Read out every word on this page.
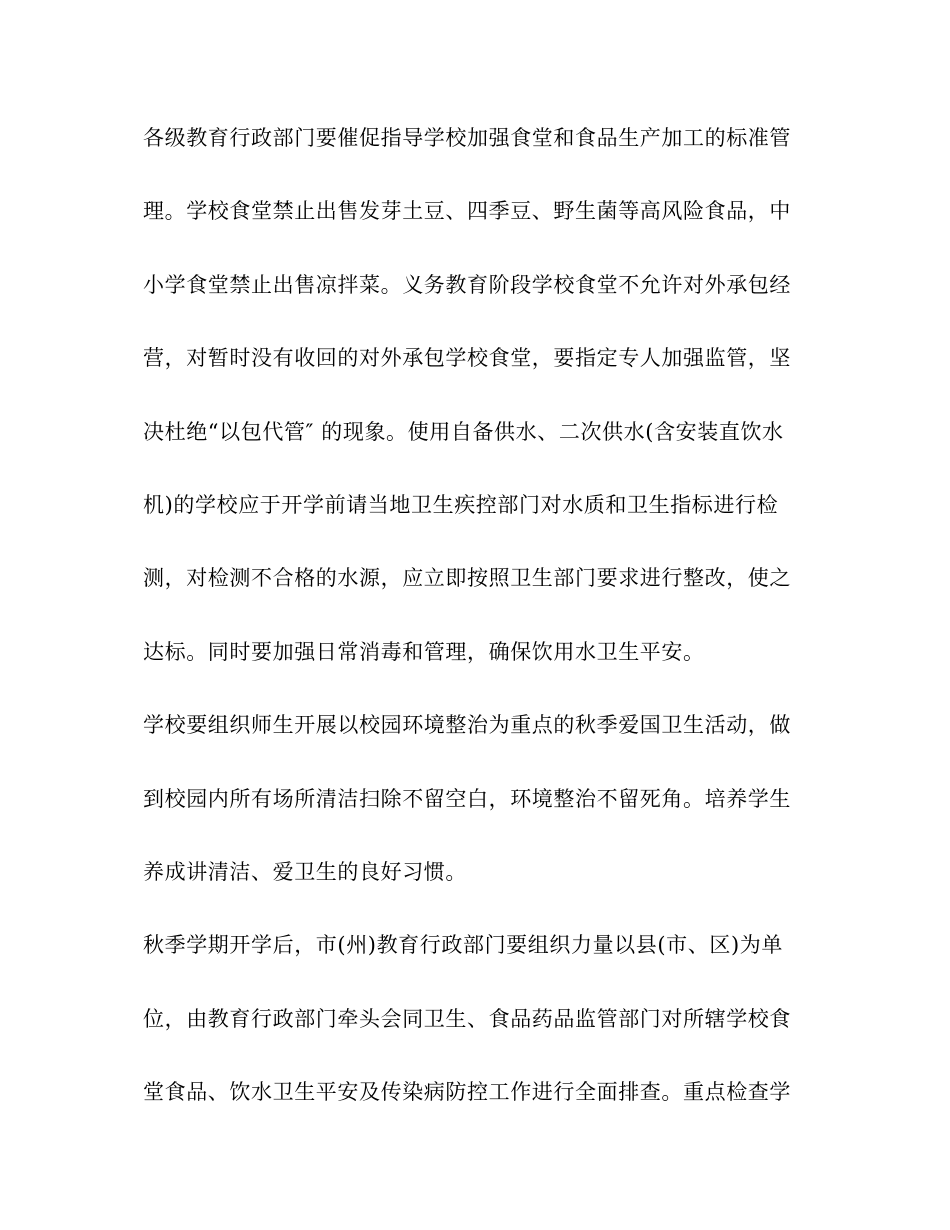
各级教育行政部门要催促指导学校加强食堂和食品生产加工的标准管
理。学校食堂禁止出售发芽土豆、四季豆、野生菌等高风险食品，中
小学食堂禁止出售凉拌菜。义务教育阶段学校食堂不允许对外承包经
营，对暂时没有收回的对外承包学校食堂，要指定专人加强监管，坚
决杜绝“以包代管″ 的现象。使用自备供水、二次供水(含安装直饮水
机)的学校应于开学前请当地卫生疾控部门对水质和卫生指标进行检
测，对检测不合格的水源，应立即按照卫生部门要求进行整改，使之
达标。同时要加强日常消毒和管理，确保饮用水卫生平安。
学校要组织师生开展以校园环境整治为重点的秋季爱国卫生活动，做
到校园内所有场所清洁扫除不留空白，环境整治不留死角。培养学生
养成讲清洁、爱卫生的良好习惯。
秋季学期开学后，市(州)教育行政部门要组织力量以县(市、区)为单
位，由教育行政部门牵头会同卫生、食品药品监管部门对所辖学校食
堂食品、饮水卫生平安及传染病防控工作进行全面排查。重点检查学
